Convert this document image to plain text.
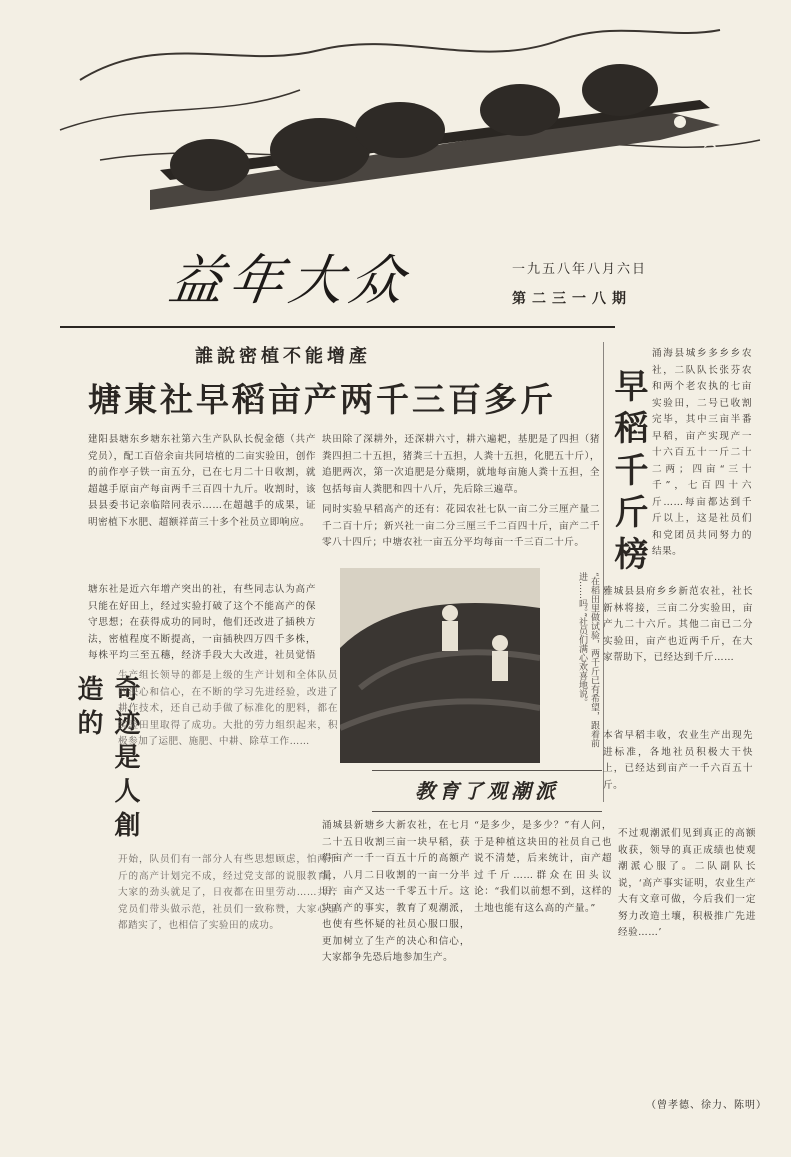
益年大众	一九五八年八月六日
第二三一八期
誰說密植不能增產
塘東社早稻亩产两千三百多斤
建阳县塘东乡塘东社第六生产队队长倪金德（共产党员），配工百倍余亩共同培植的二亩实验田，创作的前作亭子铁一亩五分，已在七月二十日收割，就超越手原亩产每亩两千三百四十九斤。收割时，该县县委书记亲临陪同表示……在超越手的成果，证明密植下水肥、超额祥苗三十多个社员立即响应。
塘东社是近六年增产突出的社，有些同志认为高产只能在好田上，经过实验打破了这个不能高产的保守思想；在获得成功的同时，他们还改进了插秧方法，密植程度不断提高，一亩插秧四万四千多株，每株平均三至五穗，经济手段大大改进，社员觉悟
块田除了深耕外，还深耕六寸，耕六遍耙，基肥是了四担（猪粪四担二十五担，猪粪三十五担，人粪十五担，化肥五十斤），追肥两次，第一次追肥是分蘖期，就地每亩施人粪十五担，全包括每亩人粪肥和四十八斤，先后除三遍草。
同时实验早稻高产的还有：花园农社七队一亩二分三厘产量二千二百十斤；新兴社一亩二分三厘三千二百四十斤，亩产二千零八十四斤；中塘农社一亩五分平均每亩一千三百二十斤。
奇迹是人創造的	生产组长领导的都是上级的生产计划和全体队员的决心和信心，在不断的学习先进经验，改进了耕作技术，还自己动手做了标准化的肥料，都在实验田里取得了成功。大批的劳力组织起来，积极参加了运肥、施肥、中耕、除草工作……
开始，队员们有一部分人有些思想顾虑，怕两千斤的高产计划完不成，经过党支部的说服教育，大家的劲头就足了，日夜都在田里劳动……共产党员们带头做示范，社员们一致称赞，大家心里都踏实了，也相信了实验田的成功。
“在稻田里做试验，两千斤已有希望，跟着前进……吗。”社员们满心欢喜地说。
早稻千斤榜
涌海县城乡多乡乡农社，二队队长张芬农和两个老农执的七亩实验田，二号已收割完毕，其中三亩半番早稻，亩产实现产一十六百五十一斤二十二两；四亩“三十千”，七百四十六斤……每亩都达到千斤以上，这是社员们和党团员共同努力的结果。
雅城县县府乡乡新范农社，社长新林将接，三亩二分实验田，亩产九二十六斤。其他二亩已二分实验田，亩产也近两千斤，在大家帮助下，已经达到千斤……
本省早稻丰收，农业生产出现先进标准，各地社员积极大干快上，已经达到亩产一千六百五十斤。
教育了观潮派
涌城县新塘乡大新农社，在七月二十五日收割三亩一块早稻，获得亩产一千一百五十斤的高额产量，八月二日收割的一亩一分半田，亩产又达一千零五十斤。这块高产的事实，教育了观潮派，也使有些怀疑的社员心服口服，更加树立了生产的决心和信心，大家都争先恐后地参加生产。
“是多少，是多少？”有人问，于是种植这块田的社员自己也说不清楚，后来统计，亩产超过千斤……群众在田头议论：“我们以前想不到，这样的土地也能有这么高的产量。”
不过观潮派们见到真正的高额收获，领导的真正成绩也使观潮派心服了。二队副队长说，‘高产事实证明，农业生产大有文章可做，今后我们一定努力改造土壤，积极推广先进经验……’
（曾孝德、徐力、陈明）
